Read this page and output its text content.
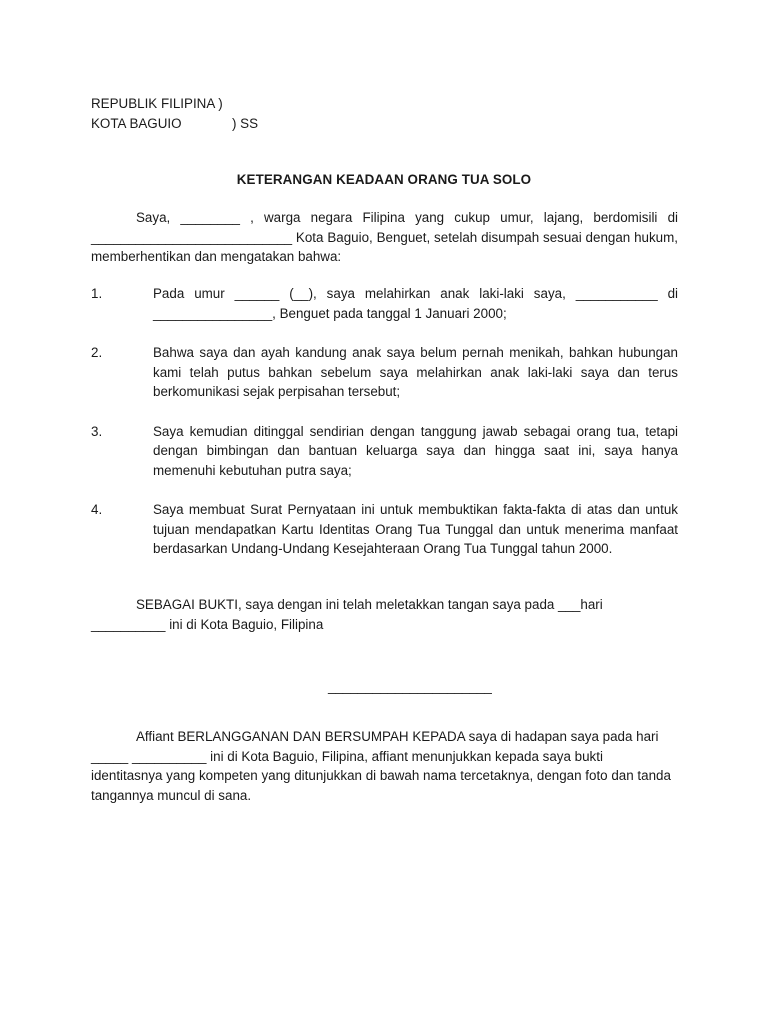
REPUBLIK FILIPINA )
KOTA BAGUIO	) SS
KETERANGAN KEADAAN ORANG TUA SOLO
Saya, ________ , warga negara Filipina yang cukup umur, lajang, berdomisili di ___________________________ Kota Baguio, Benguet, setelah disumpah sesuai dengan hukum, memberhentikan dan mengatakan bahwa:
1.	Pada umur ______ (__), saya melahirkan anak laki-laki saya, ___________ di ________________, Benguet pada tanggal 1 Januari 2000;
2.	Bahwa saya dan ayah kandung anak saya belum pernah menikah, bahkan hubungan kami telah putus bahkan sebelum saya melahirkan anak laki-laki saya dan terus berkomunikasi sejak perpisahan tersebut;
3.	Saya kemudian ditinggal sendirian dengan tanggung jawab sebagai orang tua, tetapi dengan bimbingan dan bantuan keluarga saya dan hingga saat ini, saya hanya memenuhi kebutuhan putra saya;
4.	Saya membuat Surat Pernyataan ini untuk membuktikan fakta-fakta di atas dan untuk tujuan mendapatkan Kartu Identitas Orang Tua Tunggal dan untuk menerima manfaat berdasarkan Undang-Undang Kesejahteraan Orang Tua Tunggal tahun 2000.
SEBAGAI BUKTI, saya dengan ini telah meletakkan tangan saya pada ___hari __________ ini di Kota Baguio, Filipina
______________________
Affiant BERLANGGANAN DAN BERSUMPAH KEPADA saya di hadapan saya pada hari _____ __________ ini di Kota Baguio, Filipina, affiant menunjukkan kepada saya bukti identitasnya yang kompeten yang ditunjukkan di bawah nama tercetaknya, dengan foto dan tanda tangannya muncul di sana.
